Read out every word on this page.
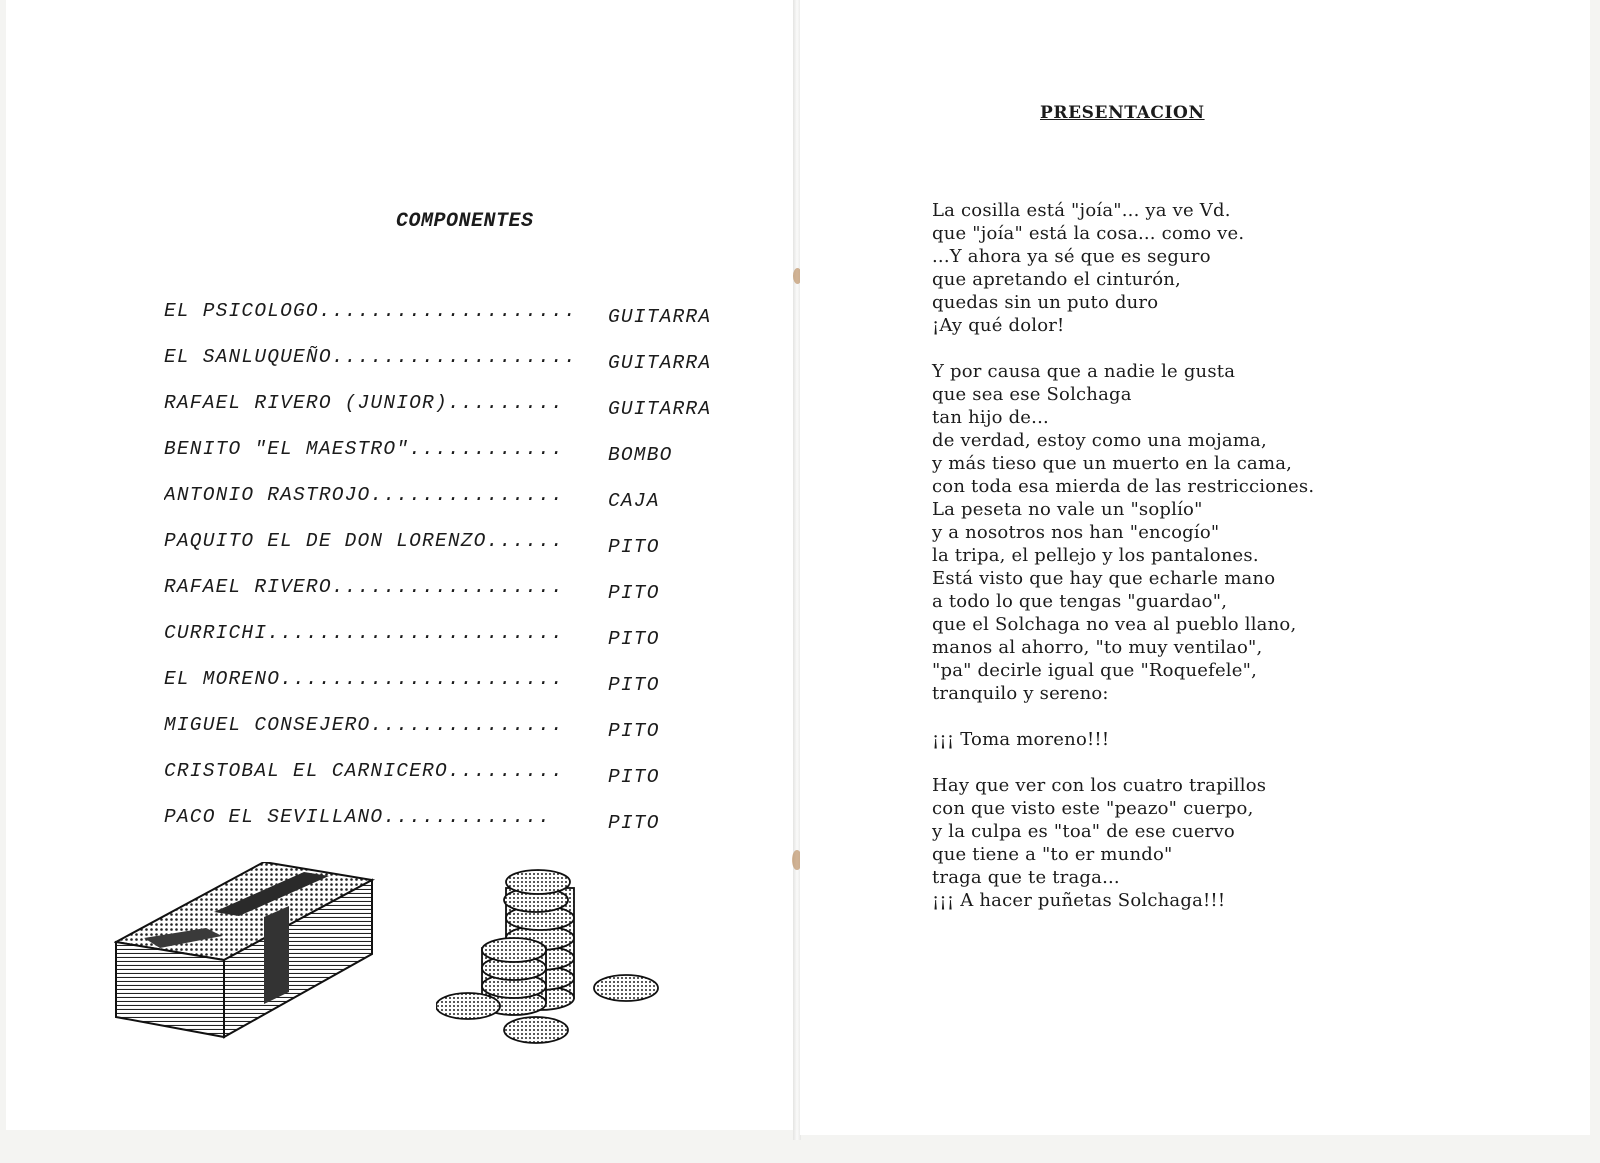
COMPONENTES
EL PSICOLOGO.................... GUITARRA
EL SANLUQUEÑO................... GUITARRA
RAFAEL RIVERO (JUNIOR)......... GUITARRA
BENITO "EL MAESTRO"............ BOMBO
ANTONIO RASTROJO............... CAJA
PAQUITO EL DE DON LORENZO...... PITO
RAFAEL RIVERO.................. PITO
CURRICHI....................... PITO
EL MORENO...................... PITO
MIGUEL CONSEJERO............... PITO
CRISTOBAL EL CARNICERO......... PITO
PACO EL SEVILLANO.............	PITO
PRESENTACION
La cosilla está "joía"... ya ve Vd.
que "joía" está la cosa... como ve.
...Y ahora ya sé que es seguro
que apretando el cinturón,
quedas sin un puto duro
¡Ay qué dolor!
Y por causa que a nadie le gusta
que sea ese Solchaga
tan hijo de...
de verdad, estoy como una mojama,
y más tieso que un muerto en la cama,
con toda esa mierda de las restricciones.
La peseta no vale un "soplío"
y a nosotros nos han "encogío"
la tripa, el pellejo y los pantalones.
Está visto que hay que echarle mano
a todo lo que tengas "guardao",
que el Solchaga no vea al pueblo llano,
manos al ahorro, "to muy ventilao",
"pa" decirle igual que "Roquefele",
tranquilo y sereno:
¡¡¡ Toma moreno!!!
Hay que ver con los cuatro trapillos
con que visto este "peazo" cuerpo,
y la culpa es "toa" de ese cuervo
que tiene a "to er mundo"
traga que te traga...
¡¡¡ A hacer puñetas Solchaga!!!
